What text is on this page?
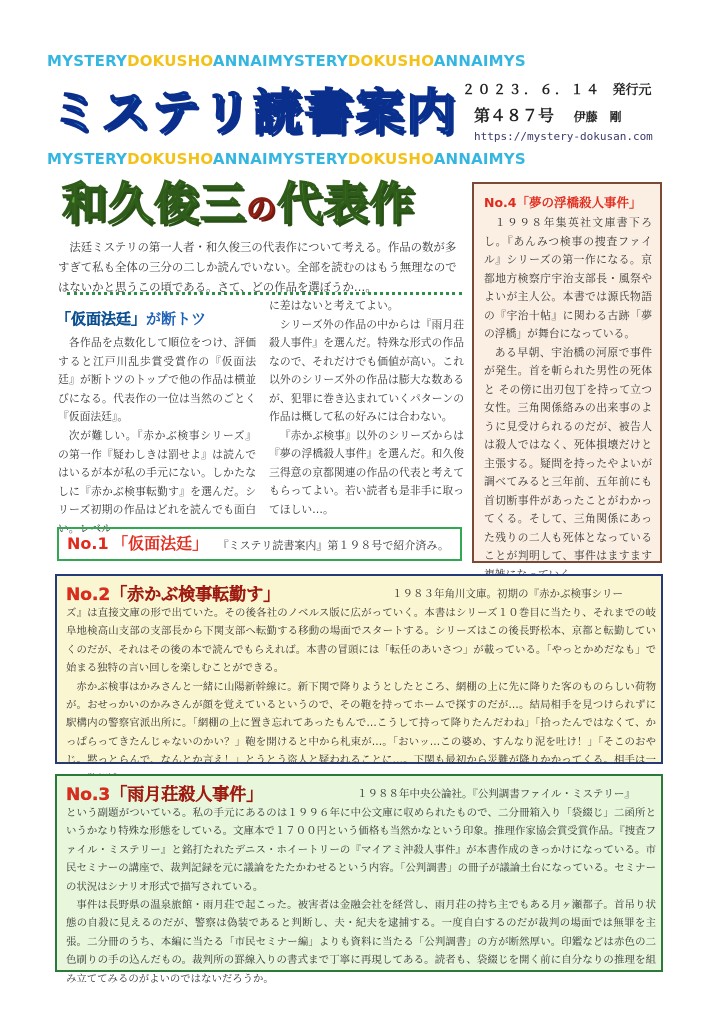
MYSTERYDOKUSHOANNAIMYSTERYDOKUSHOANNAIMYS
ミステリ読書案内 ２０２３．６．１４ 発行元
第４８７号 伊藤　剛
https://mystery-dokusan.com
MYSTERYDOKUSHOANNAIMYSTERYDOKUSHOANNAIMYS
和久俊三の代表作
法廷ミステリの第一人者・和久俊三の代表作について考える。作品の数が多すぎて私も全体の三分の二しか読んでいない。全部を読むのはもう無理なのではないかと思うこの頃である。さて、どの作品を選ぼうか…。
「仮面法廷」が断トツ

各作品を点数化して順位をつけ、評価すると江戸川乱歩賞受賞作の『仮面法廷』が断トツのトップで他の作品は横並びになる。代表作の一位は当然のごとく『仮面法廷』。

次が難しい。『赤かぶ検事シリーズ』の第一作『疑わしきは罰せよ』は読んではいるが本が私の手元にない。しかたなしに『赤かぶ検事転勤す』を選んだ。シリーズ初期の作品はどれを読んでも面白い。レベル

に差はないと考えてよい。

シリーズ外の作品の中からは『雨月荘殺人事件』を選んだ。特殊な形式の作品なので、それだけでも価値が高い。これ以外のシリーズ外の作品は膨大な数あるが、犯罪に巻き込まれていくパターンの作品は概して私の好みには合わない。

『赤かぶ検事』以外のシリーズからは『夢の浮橋殺人事件』を選んだ。和久俊三得意の京都関連の作品の代表と考えてもらってよい。若い読者も是非手に取ってほしい…。

No.1 「仮面法廷」 『ミステリ読書案内』第１９８号で紹介済み。
No.4「夢の浮橋殺人事件」

１９９８年集英社文庫書下ろし。『あんみつ検事の捜査ファイル』シリーズの第一作になる。京都地方検察庁宇治支部長・風祭やよいが主人公。本書では源氏物語の『宇治十帖』に関わる古跡「夢の浮橋」が舞台になっている。

ある早朝、宇治橋の河原で事件が発生。首を斬られた男性の死体と その傍に出刃包丁を持って立つ女性。三角関係絡みの出来事のように見受けられるのだが、被告人は殺人ではなく、死体損壊だけと主張する。疑問を持ったやよいが調べてみると三年前、五年前にも首切断事件があったことがわかってくる。そして、三角関係にあった残りの二人も死体となっていることが判明して、事件はますます

No.2「赤かぶ検事転勤す」	１９８３年角川文庫。初期の『赤かぶ検事シリー

ズ』は直接文庫の形で出ていた。その後各社のノベルス版に広がっていく。本書はシリーズ１０巻目に当たり、それまでの岐阜地検高山支部の支部長から下関支部へ転勤する移動の場面でスタートする。シリーズはこの後長野松本、京都と転勤していくのだが、それはその後の本で読んでもらえれば。本書の冒頭には「転任のあいさつ」が載っている。「やっとかめだなも」で始まる独特の言い回しを楽しむことができる。

赤かぶ検事はかみさんと一緒に山陽新幹線に。新下関で降りようとしたところ、網棚の上に先に降りた客のものらしい荷物が。おせっかいのかみさんが顔を覚えているというので、その鞄を持ってホームで探すのだが…。結局相手を見つけられずに駅構内の警察官派出所に。「網棚の上に置き忘れてあったもんで…こうして持って降りたんだわね」「拾ったんではなくて、かっぱらってきたんじゃないのかい？」鞄を開けると中から札束が…。「おいッ…この婆め、すんなり泥を吐け！」「そこのおやじ。黙っとらんで、なんとか言え！」とうとう盗人と疑われることに…。下関も最初から災難が降りかかってくる。相手は一

No.3「雨月荘殺人事件」	１９８８年中央公論社。『公判調書ファイル・ミステリー』

という副題がついている。私の手元にあるのは１９９６年に中公文庫に収められたもので、二分冊箱入り「袋綴じ」二函所というかなり特殊な形態をしている。文庫本で１７００円という価格も当然かなという印象。推理作家協会賞受賞作品。『捜査ファイル・ミステリー』と銘打たれたデニス・ホイートリーの『マイアミ沖殺人事件』が本書作成のきっかけになっている。市民セミナーの講座で、裁判記録を元に議論をたたかわせるという内容。「公判調書」の冊子が議論土台になっている。セミナーの状況はシナリオ形式で描写されている。

事件は長野県の温泉旅館・雨月荘で起こった。被害者は金融会社を経営し、雨月荘の持ち主でもある月ヶ瀬都子。首吊り状態の自殺に見えるのだが、警察は偽装であると判断し、夫・紀夫を逮捕する。一度自白するのだが裁判の場面では無罪を主張。二分冊のうち、本編に当たる「市民セミナー編」よりも資料に当たる「公判調書」の方が断然厚い。印鑑などは赤色の二色刷りの手の込んだもの。裁判所の罫線入りの書式まで丁寧に再現してある。読者も、袋綴じを開く前に自分なりの推理を組み立ててみるのがよいのではないだろうか。
